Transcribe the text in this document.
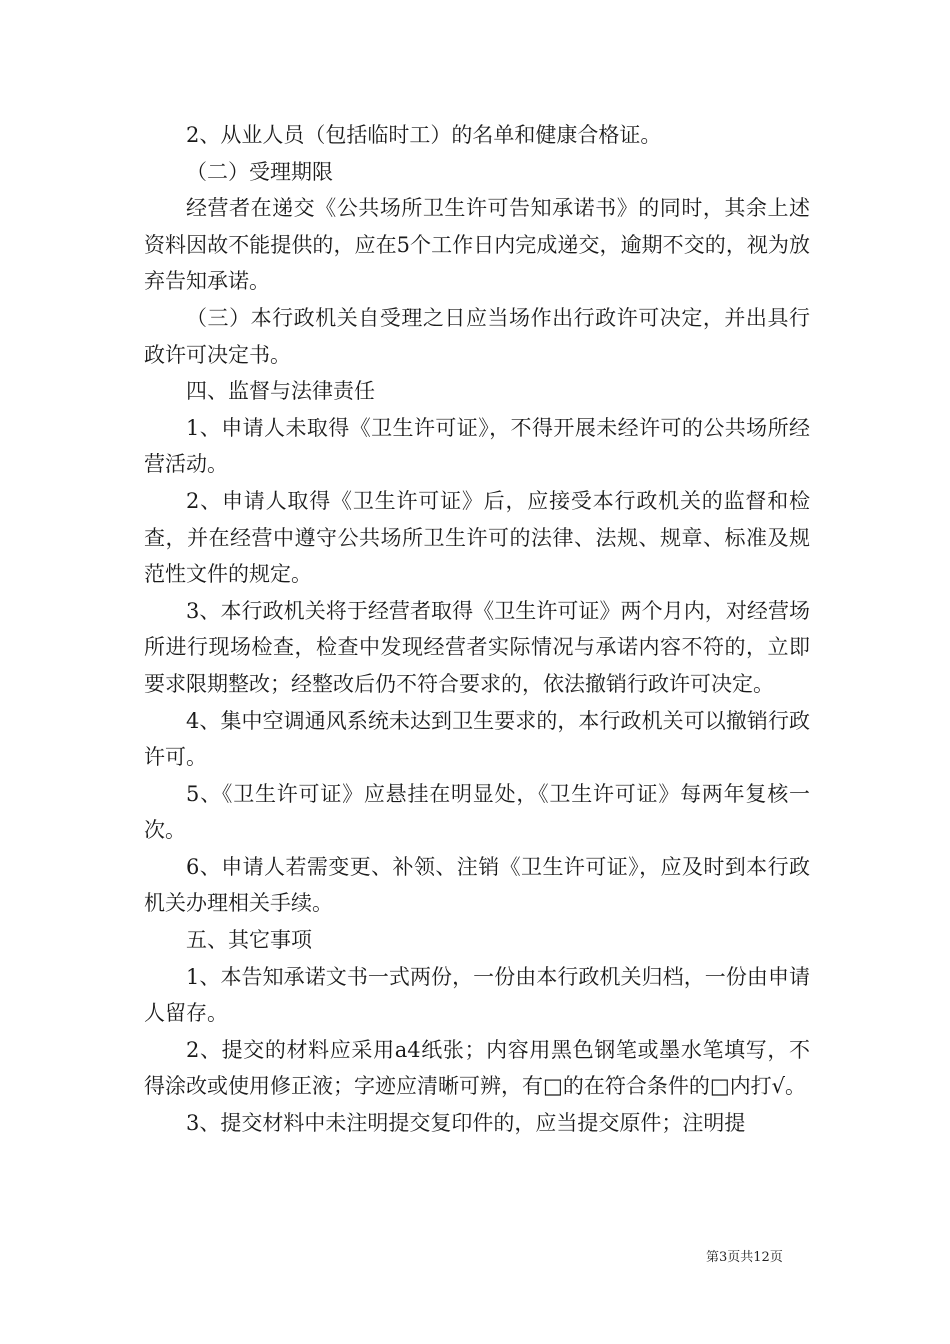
2、从业人员（包括临时工）的名单和健康合格证。

（二）受理期限

经营者在递交《公共场所卫生许可告知承诺书》的同时，其余上述资料因故不能提供的，应在5个工作日内完成递交，逾期不交的，视为放弃告知承诺。

（三）本行政机关自受理之日应当场作出行政许可决定，并出具行政许可决定书。

四、监督与法律责任

1、申请人未取得《卫生许可证》，不得开展未经许可的公共场所经营活动。

2、申请人取得《卫生许可证》后，应接受本行政机关的监督和检查，并在经营中遵守公共场所卫生许可的法律、法规、规章、标准及规范性文件的规定。

3、本行政机关将于经营者取得《卫生许可证》两个月内，对经营场所进行现场检查，检查中发现经营者实际情况与承诺内容不符的，立即要求限期整改；经整改后仍不符合要求的，依法撤销行政许可决定。

4、集中空调通风系统未达到卫生要求的，本行政机关可以撤销行政许可。

5、《卫生许可证》应悬挂在明显处，《卫生许可证》每两年复核一次。

6、申请人若需变更、补领、注销《卫生许可证》，应及时到本行政机关办理相关手续。

五、其它事项

1、本告知承诺文书一式两份，一份由本行政机关归档，一份由申请人留存。

2、提交的材料应采用a4纸张；内容用黑色钢笔或墨水笔填写，不得涂改或使用修正液；字迹应清晰可辨，有□的在符合条件的□内打√。

3、提交材料中未注明提交复印件的，应当提交原件；注明提

第3页共12页
